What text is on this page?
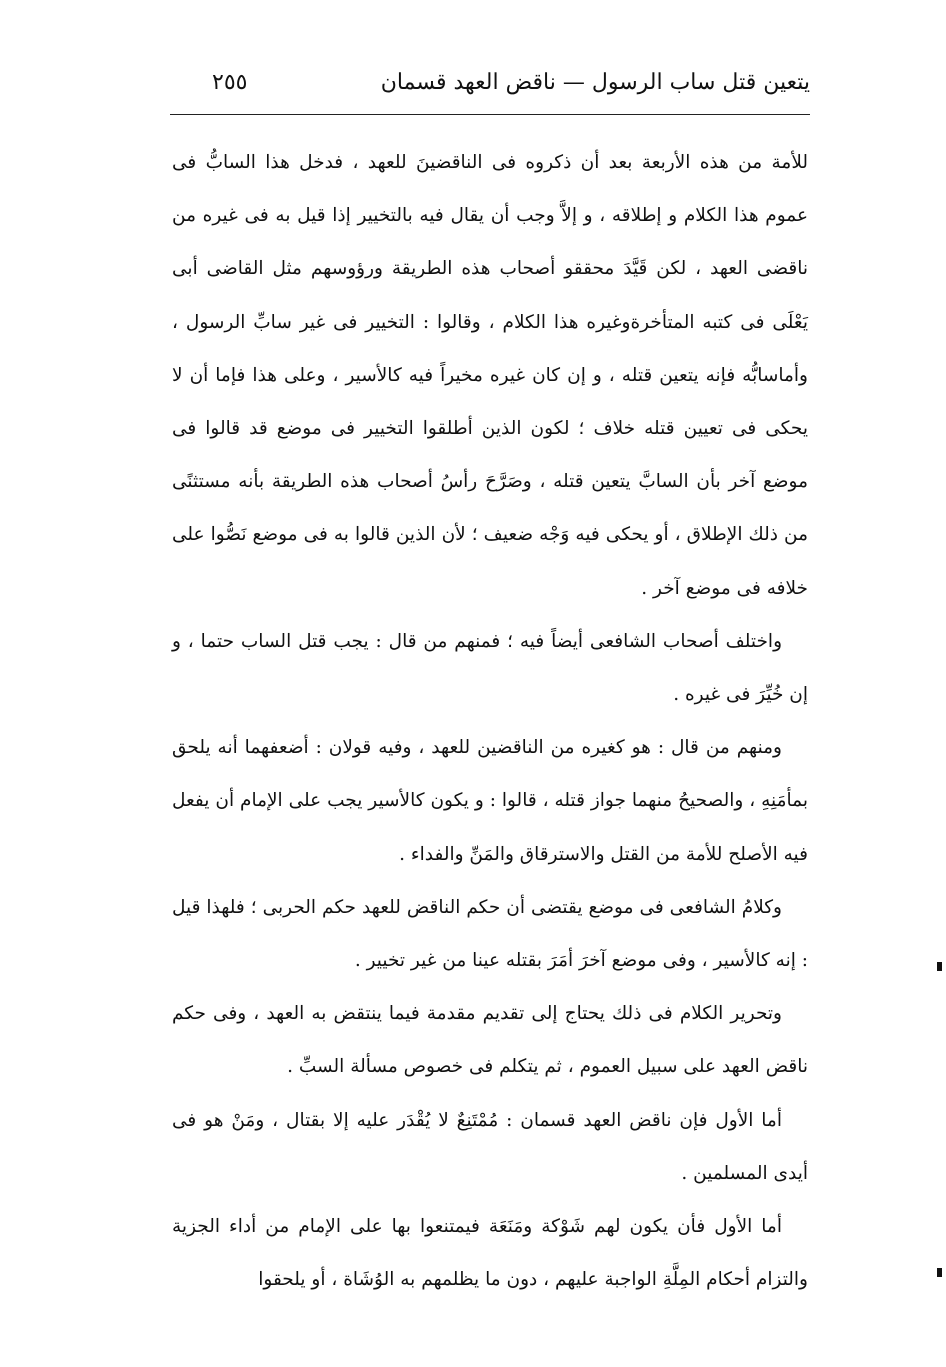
يتعين قتل ساب الرسول — ناقض العهد قسمان
٢٥٥

للأمة من هذه الأربعة بعد أن ذكروه فى الناقضينَ للعهد ، فدخل هذا السابُّ فى عموم هذا الكلام و إطلاقه ، و إلاَّ وجب أن يقال فيه بالتخيير إذا قيل به فى غيره من ناقضى العهد ، لكن قَيَّدَ محققو أصحاب هذه الطريقة ورؤوسهم مثل القاضى أبى يَعْلَى فى كتبه المتأخرةوغيره هذا الكلام ، وقالوا : التخيير فى غير سابِّ الرسول ، وأماسابُّه فإنه يتعين قتله ، و إن كان غيره مخيراً فيه كالأسير ، وعلى هذا فإما أن لا يحكى فى تعيين قتله خلاف ؛ لكون الذين أطلقوا التخيير فى موضع قد قالوا فى موضع آخر بأن السابَّ يتعين قتله ، وصَرَّحَ رأسُ أصحاب هذه الطريقة بأنه مستثنًى من ذلك الإطلاق ، أو يحكى فيه وَجْه ضعيف ؛ لأن الذين قالوا به فى موضع نَصُّوا على خلافه فى موضع آخر .

واختلف أصحاب الشافعى أيضاً فيه ؛ فمنهم من قال : يجب قتل الساب حتما ، و إن خُيِّرَ فى غيره .

ومنهم من قال : هو كغيره من الناقضين للعهد ، وفيه قولان : أضعفهما أنه يلحق بمأمَنِهِ ، والصحيحُ منهما جواز قتله ، قالوا : و يكون كالأسير يجب على الإمام أن يفعل فيه الأصلح للأمة من القتل والاسترقاق والمَنِّ والفداء .

وكلامُ الشافعى فى موضع يقتضى أن حكم الناقض للعهد حكم الحربى ؛ فلهذا قيل : إنه كالأسير ، وفى موضع آخرَ أمَرَ بقتله عينا من غير تخيير .

وتحرير الكلام فى ذلك يحتاج إلى تقديم مقدمة فيما ينتقض به العهد ، وفى حكم ناقض العهد على سبيل العموم ، ثم يتكلم فى خصوص مسألة السبِّ .

أما الأول فإن ناقض العهد قسمان : مُمْتَنِعٌ لا يُقْدَر عليه إلا بقتال ، ومَنْ هو فى أيدى المسلمين .

أما الأول فأن يكون لهم شَوْكة ومَنَعَة فيمتنعوا بها على الإمام من أداء الجزية والتزام أحكام المِلَّةِ الواجبة عليهم ، دون ما يظلمهم به الوُشَاة ، أو يلحقوا
